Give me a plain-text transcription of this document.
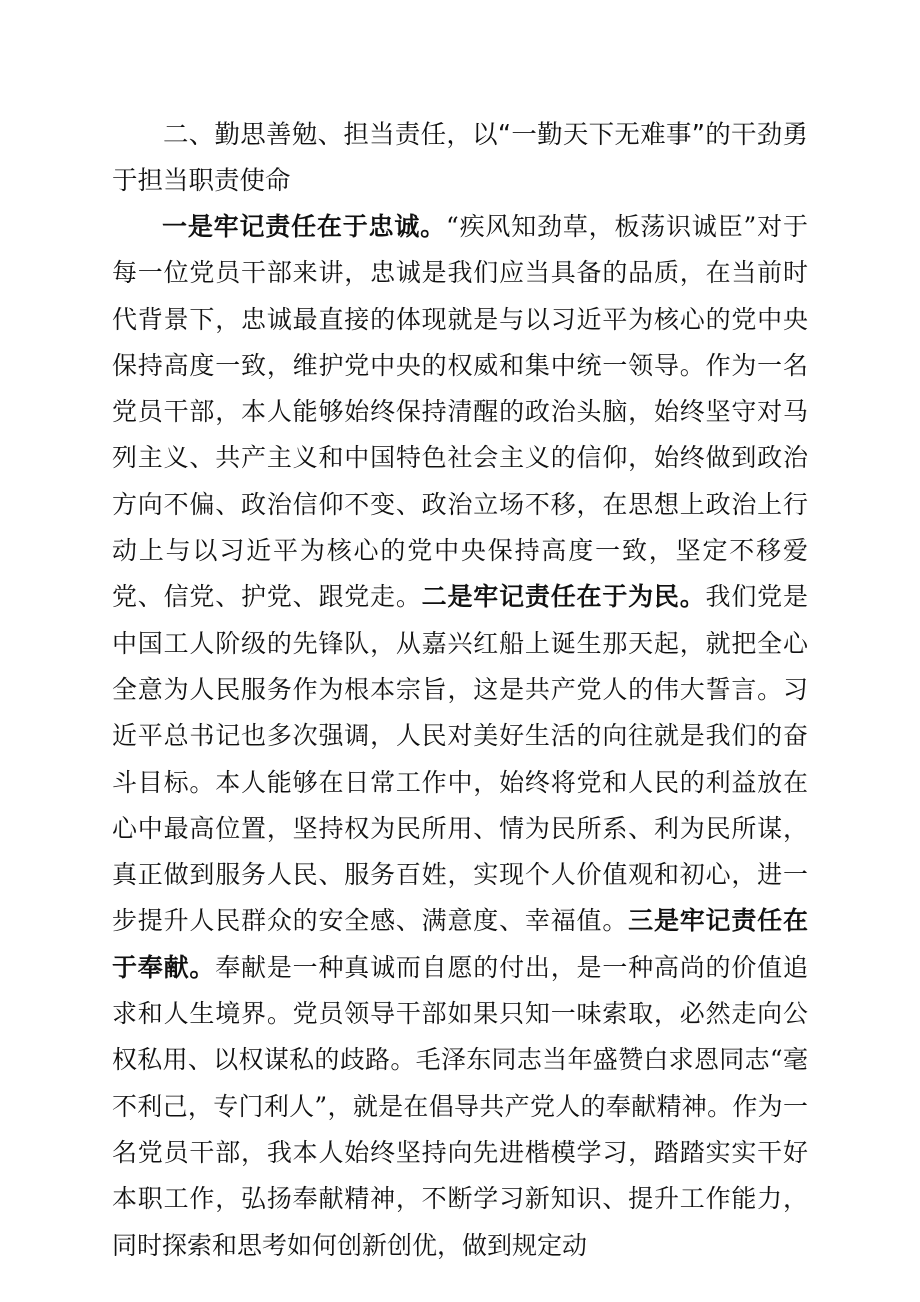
二、勤思善勉、担当责任，以“一勤天下无难事”的干劲勇于担当职责使命

一是牢记责任在于忠诚。“疾风知劲草，板荡识诚臣”对于每一位党员干部来讲，忠诚是我们应当具备的品质，在当前时代背景下，忠诚最直接的体现就是与以习近平为核心的党中央保持高度一致，维护党中央的权威和集中统一领导。作为一名党员干部，本人能够始终保持清醒的政治头脑，始终坚守对马列主义、共产主义和中国特色社会主义的信仰，始终做到政治方向不偏、政治信仰不变、政治立场不移，在思想上政治上行动上与以习近平为核心的党中央保持高度一致，坚定不移爱党、信党、护党、跟党走。二是牢记责任在于为民。我们党是中国工人阶级的先锋队，从嘉兴红船上诞生那天起，就把全心全意为人民服务作为根本宗旨，这是共产党人的伟大誓言。习近平总书记也多次强调，人民对美好生活的向往就是我们的奋斗目标。本人能够在日常工作中，始终将党和人民的利益放在心中最高位置，坚持权为民所用、情为民所系、利为民所谋，真正做到服务人民、服务百姓，实现个人价值观和初心，进一步提升人民群众的安全感、满意度、幸福值。三是牢记责任在于奉献。奉献是一种真诚而自愿的付出，是一种高尚的价值追求和人生境界。党员领导干部如果只知一味索取，必然走向公权私用、以权谋私的歧路。毛泽东同志当年盛赞白求恩同志“毫不利己，专门利人”，就是在倡导共产党人的奉献精神。作为一名党员干部，我本人始终坚持向先进楷模学习，踏踏实实干好本职工作，弘扬奉献精神，不断学习新知识、提升工作能力，同时探索和思考如何创新创优，做到规定动
